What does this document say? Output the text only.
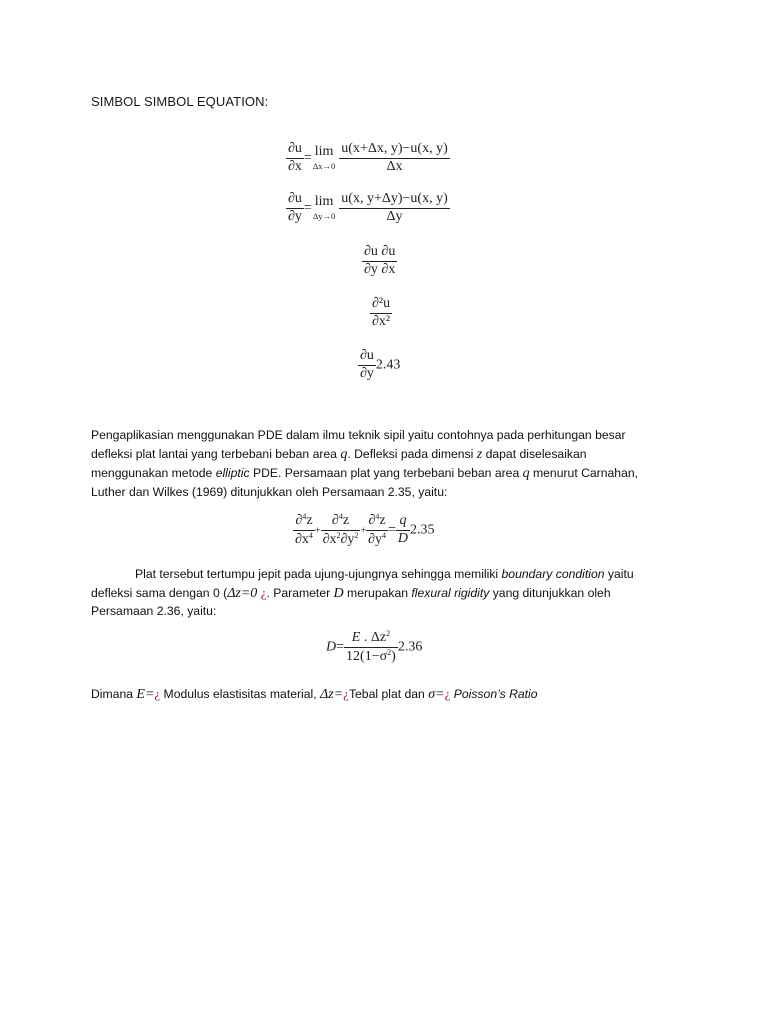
SIMBOL SIMBOL EQUATION:
$\frac{\partial u}{\partial x} = \lim$
$\Delta x\to 0 \frac{u(x+\Delta x, y)-u(x, y)}{\Delta x}$
$\frac{\partial u}{\partial y} = \lim$
$\Delta y\to 0 \frac{u(x, y+\Delta y)-u(x, y)}{\Delta y}$
$\frac{\partial u \partial u}{\partial y \partial x}$
$\frac{\text{∂²u}}{\text{∂x²}}$
$\frac{\partial u}{\partial y} 2.43$
Pengaplikasian menggunakan PDE dalam ilmu teknik sipil yaitu contohnya pada perhitungan besar
defleksi plat lantai yang terbebani beban area q. Defleksi pada dimensi z dapat diselesaikan
menggunakan metode elliptic PDE. Persamaan plat yang terbebani beban area q menurut Carnahan,
Luther dan Wilkes (1969) ditunjukkan oleh Persamaan 2.35, yaitu:
$\frac{\partial^4z}{\partial x^4} + \frac{\partial^4z}{\partial x^2\partial y^2} + \frac{\partial^4z}{\partial y^4} = \frac{q}{D} 2.35$
Plat tersebut tertumpu jepit pada ujung-ujungnya sehingga memiliki boundary condition yaitu
defleksi sama dengan 0 (Δz=0 ¿. Parameter D merupakan flexural rigidity yang ditunjukkan oleh
Persamaan 2.36, yaitu:
$D= \frac{E . \Delta z^2}{12(1-\sigma^2)} 2.36$
Dimana E=¿ Modulus elastisitas material, Δz=¿Tebal plat dan σ=¿ Poisson’s Ratio
